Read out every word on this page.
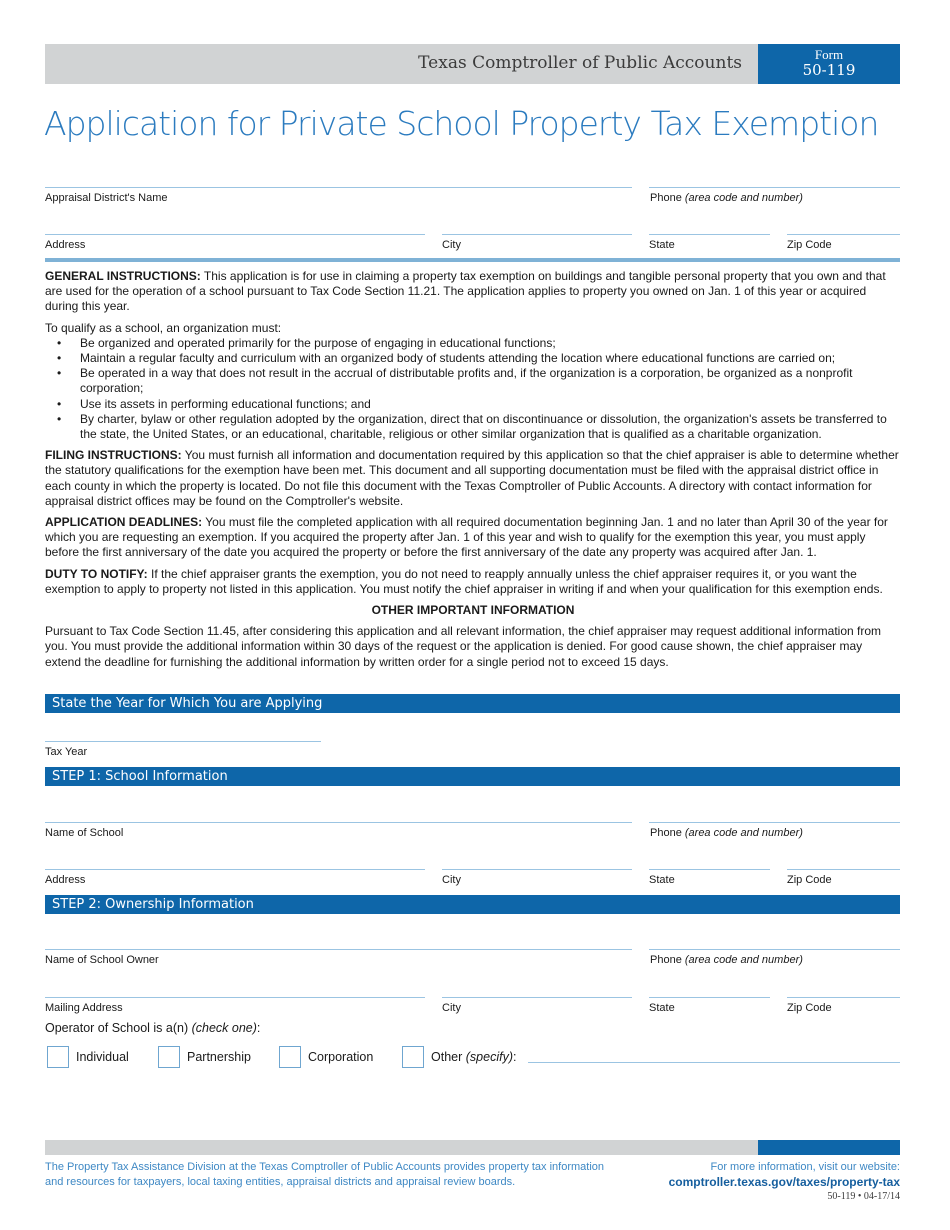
Texas Comptroller of Public Accounts	Form
50-119
Application for Private School Property Tax Exemption
Appraisal District's Name	Phone (area code and number)
Address	City	State	Zip Code

GENERAL INSTRUCTIONS: This application is for use in claiming a property tax exemption on buildings and tangible personal property that you own and that are used for the operation of a school pursuant to Tax Code Section 11.21. The application applies to property you owned on Jan. 1 of this year or acquired during this year.

To qualify as a school, an organization must:
• Be organized and operated primarily for the purpose of engaging in educational functions;
• Maintain a regular faculty and curriculum with an organized body of students attending the location where educational functions are carried on;
• Be operated in a way that does not result in the accrual of distributable profits and, if the organization is a corporation, be organized as a nonprofit corporation;
• Use its assets in performing educational functions; and
• By charter, bylaw or other regulation adopted by the organization, direct that on discontinuance or dissolution, the organization's assets be transferred to the state, the United States, or an educational, charitable, religious or other similar organization that is qualified as a charitable organization.

FILING INSTRUCTIONS: You must furnish all information and documentation required by this application so that the chief appraiser is able to determine whether the statutory qualifications for the exemption have been met. This document and all supporting documentation must be filed with the appraisal district office in each county in which the property is located. Do not file this document with the Texas Comptroller of Public Accounts. A directory with contact information for appraisal district offices may be found on the Comptroller's website.

APPLICATION DEADLINES: You must file the completed application with all required documentation beginning Jan. 1 and no later than April 30 of the year for which you are requesting an exemption. If you acquired the property after Jan. 1 of this year and wish to qualify for the exemption this year, you must apply before the first anniversary of the date you acquired the property or before the first anniversary of the date any property was acquired after Jan. 1.

DUTY TO NOTIFY: If the chief appraiser grants the exemption, you do not need to reapply annually unless the chief appraiser requires it, or you want the exemption to apply to property not listed in this application. You must notify the chief appraiser in writing if and when your qualification for this exemption ends.

OTHER IMPORTANT INFORMATION

Pursuant to Tax Code Section 11.45, after considering this application and all relevant information, the chief appraiser may request additional information from you. You must provide the additional information within 30 days of the request or the application is denied. For good cause shown, the chief appraiser may extend the deadline for furnishing the additional information by written order for a single period not to exceed 15 days.

State the Year for Which You are Applying
Tax Year
STEP 1: School Information
Name of School	Phone (area code and number)
Address	City	State	Zip Code
STEP 2: Ownership Information
Name of School Owner	Phone (area code and number)
Mailing Address	City	State	Zip Code
Operator of School is a(n) (check one):
Individual	Partnership	Corporation	Other (specify):
The Property Tax Assistance Division at the Texas Comptroller of Public Accounts provides property tax information and resources for taxpayers, local taxing entities, appraisal districts and appraisal review boards.
For more information, visit our website:
comptroller.texas.gov/taxes/property-tax
50-119 • 04-17/14
